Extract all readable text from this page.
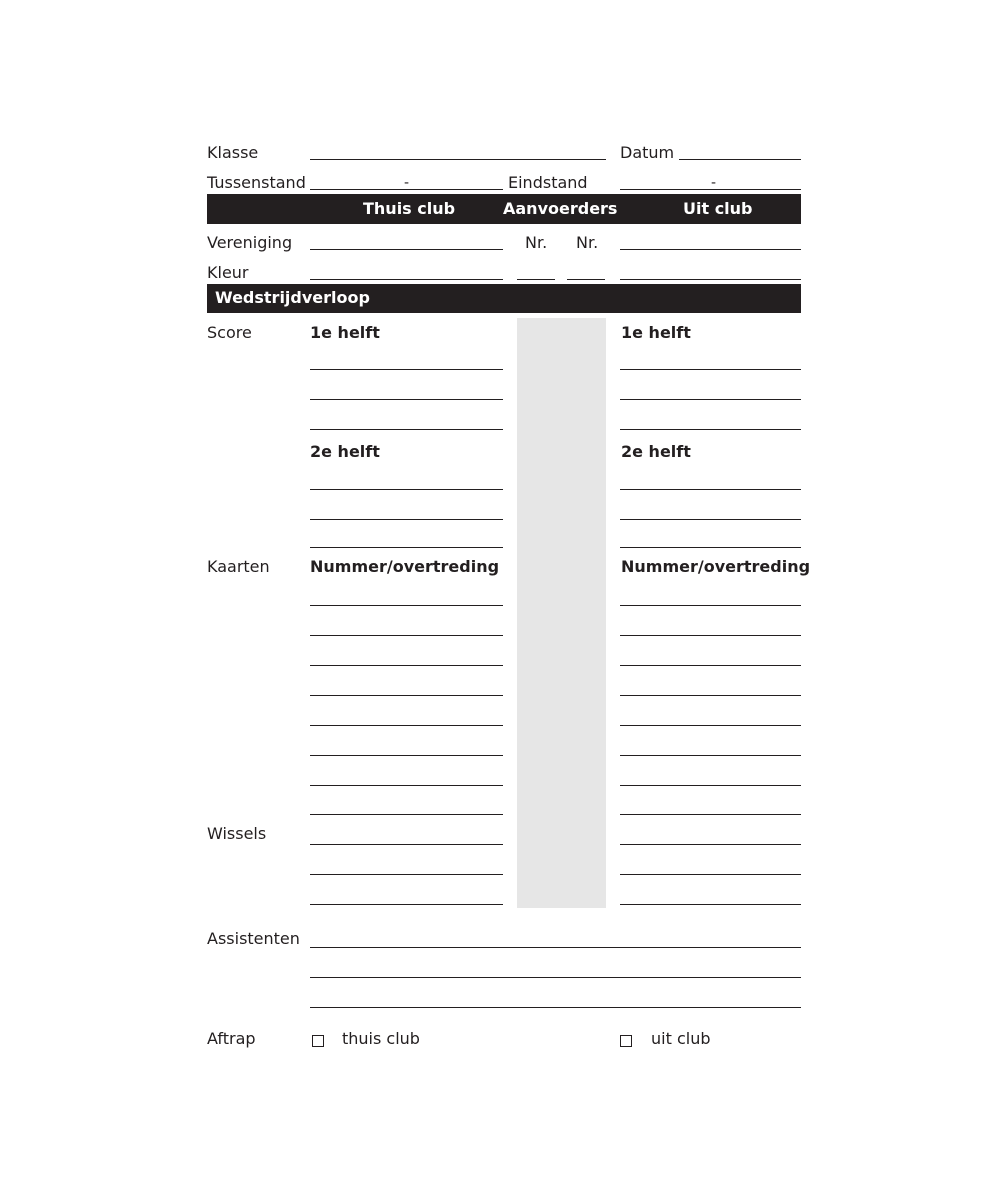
Klasse	Datum
Tussenstand	-	Eindstand	-
Thuis club	Aanvoerders	Uit club
Vereniging	Nr. Nr.
Kleur
Wedstrijdverloop
Score	1e helft	1e helft
2e helft	2e helft
Kaarten	Nummer/overtreding	Nummer/overtreding
Wissels
Assistenten
Aftrap	thuis club	uit club
